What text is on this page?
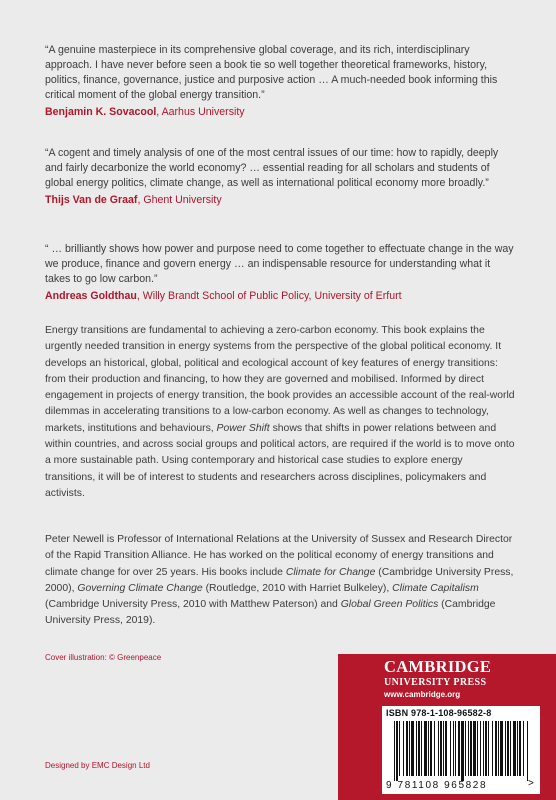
“A genuine masterpiece in its comprehensive global coverage, and its rich, interdisciplinary approach. I have never before seen a book tie so well together theoretical frameworks, history, politics, finance, governance, justice and purposive action … A much-needed book informing this critical moment of the global energy transition.”

Benjamin K. Sovacool, Aarhus University

“A cogent and timely analysis of one of the most central issues of our time: how to rapidly, deeply and fairly decarbonize the world economy? … essential reading for all scholars and students of global energy politics, climate change, as well as international political economy more broadly.”

Thijs Van de Graaf, Ghent University

“ … brilliantly shows how power and purpose need to come together to effectuate change in the way we produce, finance and govern energy … an indispensable resource for understanding what it takes to go low carbon.”

Andreas Goldthau, Willy Brandt School of Public Policy, University of Erfurt
Energy transitions are fundamental to achieving a zero-carbon economy. This book explains the urgently needed transition in energy systems from the perspective of the global political economy. It develops an historical, global, political and ecological account of key features of energy transitions: from their production and financing, to how they are governed and mobilised. Informed by direct engagement in projects of energy transition, the book provides an accessible account of the real-world dilemmas in accelerating transitions to a low-carbon economy. As well as changes to technology, markets, institutions and behaviours, Power Shift shows that shifts in power relations between and within countries, and across social groups and political actors, are required if the world is to move onto a more sustainable path. Using contemporary and historical case studies to explore energy transitions, it will be of interest to students and researchers across disciplines, policymakers and activists.
Peter Newell is Professor of International Relations at the University of Sussex and Research Director of the Rapid Transition Alliance. He has worked on the political economy of energy transitions and climate change for over 25 years. His books include Climate for Change (Cambridge University Press, 2000), Governing Climate Change (Routledge, 2010 with Harriet Bulkeley), Climate Capitalism (Cambridge University Press, 2010 with Matthew Paterson) and Global Green Politics (Cambridge University Press, 2019).
Cover illustration: © Greenpeace
Designed by EMC Design Ltd
CAMBRIDGE
UNIVERSITY PRESS
www.cambridge.org
ISBN 978-1-108-96582-8
9 781108 965828	>
